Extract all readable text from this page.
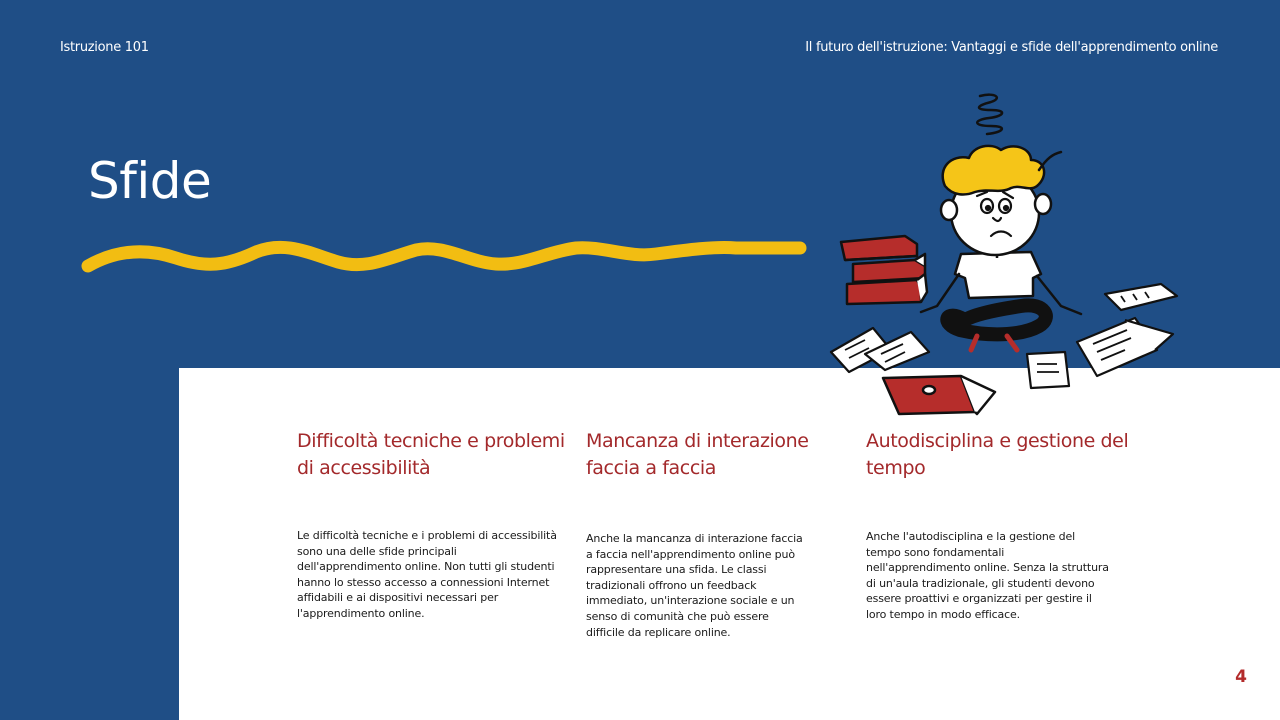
Istruzione 101	Il futuro dell'istruzione: Vantaggi e sfide dell'apprendimento online
Sfide
Difficoltà tecniche e problemi di accessibilità
Le difficoltà tecniche e i problemi di accessibilità sono una delle sfide principali dell'apprendimento online. Non tutti gli studenti hanno lo stesso accesso a connessioni Internet affidabili e ai dispositivi necessari per l'apprendimento online.
Mancanza di interazione faccia a faccia
Anche la mancanza di interazione faccia a faccia nell'apprendimento online può rappresentare una sfida. Le classi tradizionali offrono un feedback immediato, un'interazione sociale e un senso di comunità che può essere difficile da replicare online.
Autodisciplina e gestione del tempo
Anche l'autodisciplina e la gestione del tempo sono fondamentali nell'apprendimento online. Senza la struttura di un'aula tradizionale, gli studenti devono essere proattivi e organizzati per gestire il loro tempo in modo efficace.
4
